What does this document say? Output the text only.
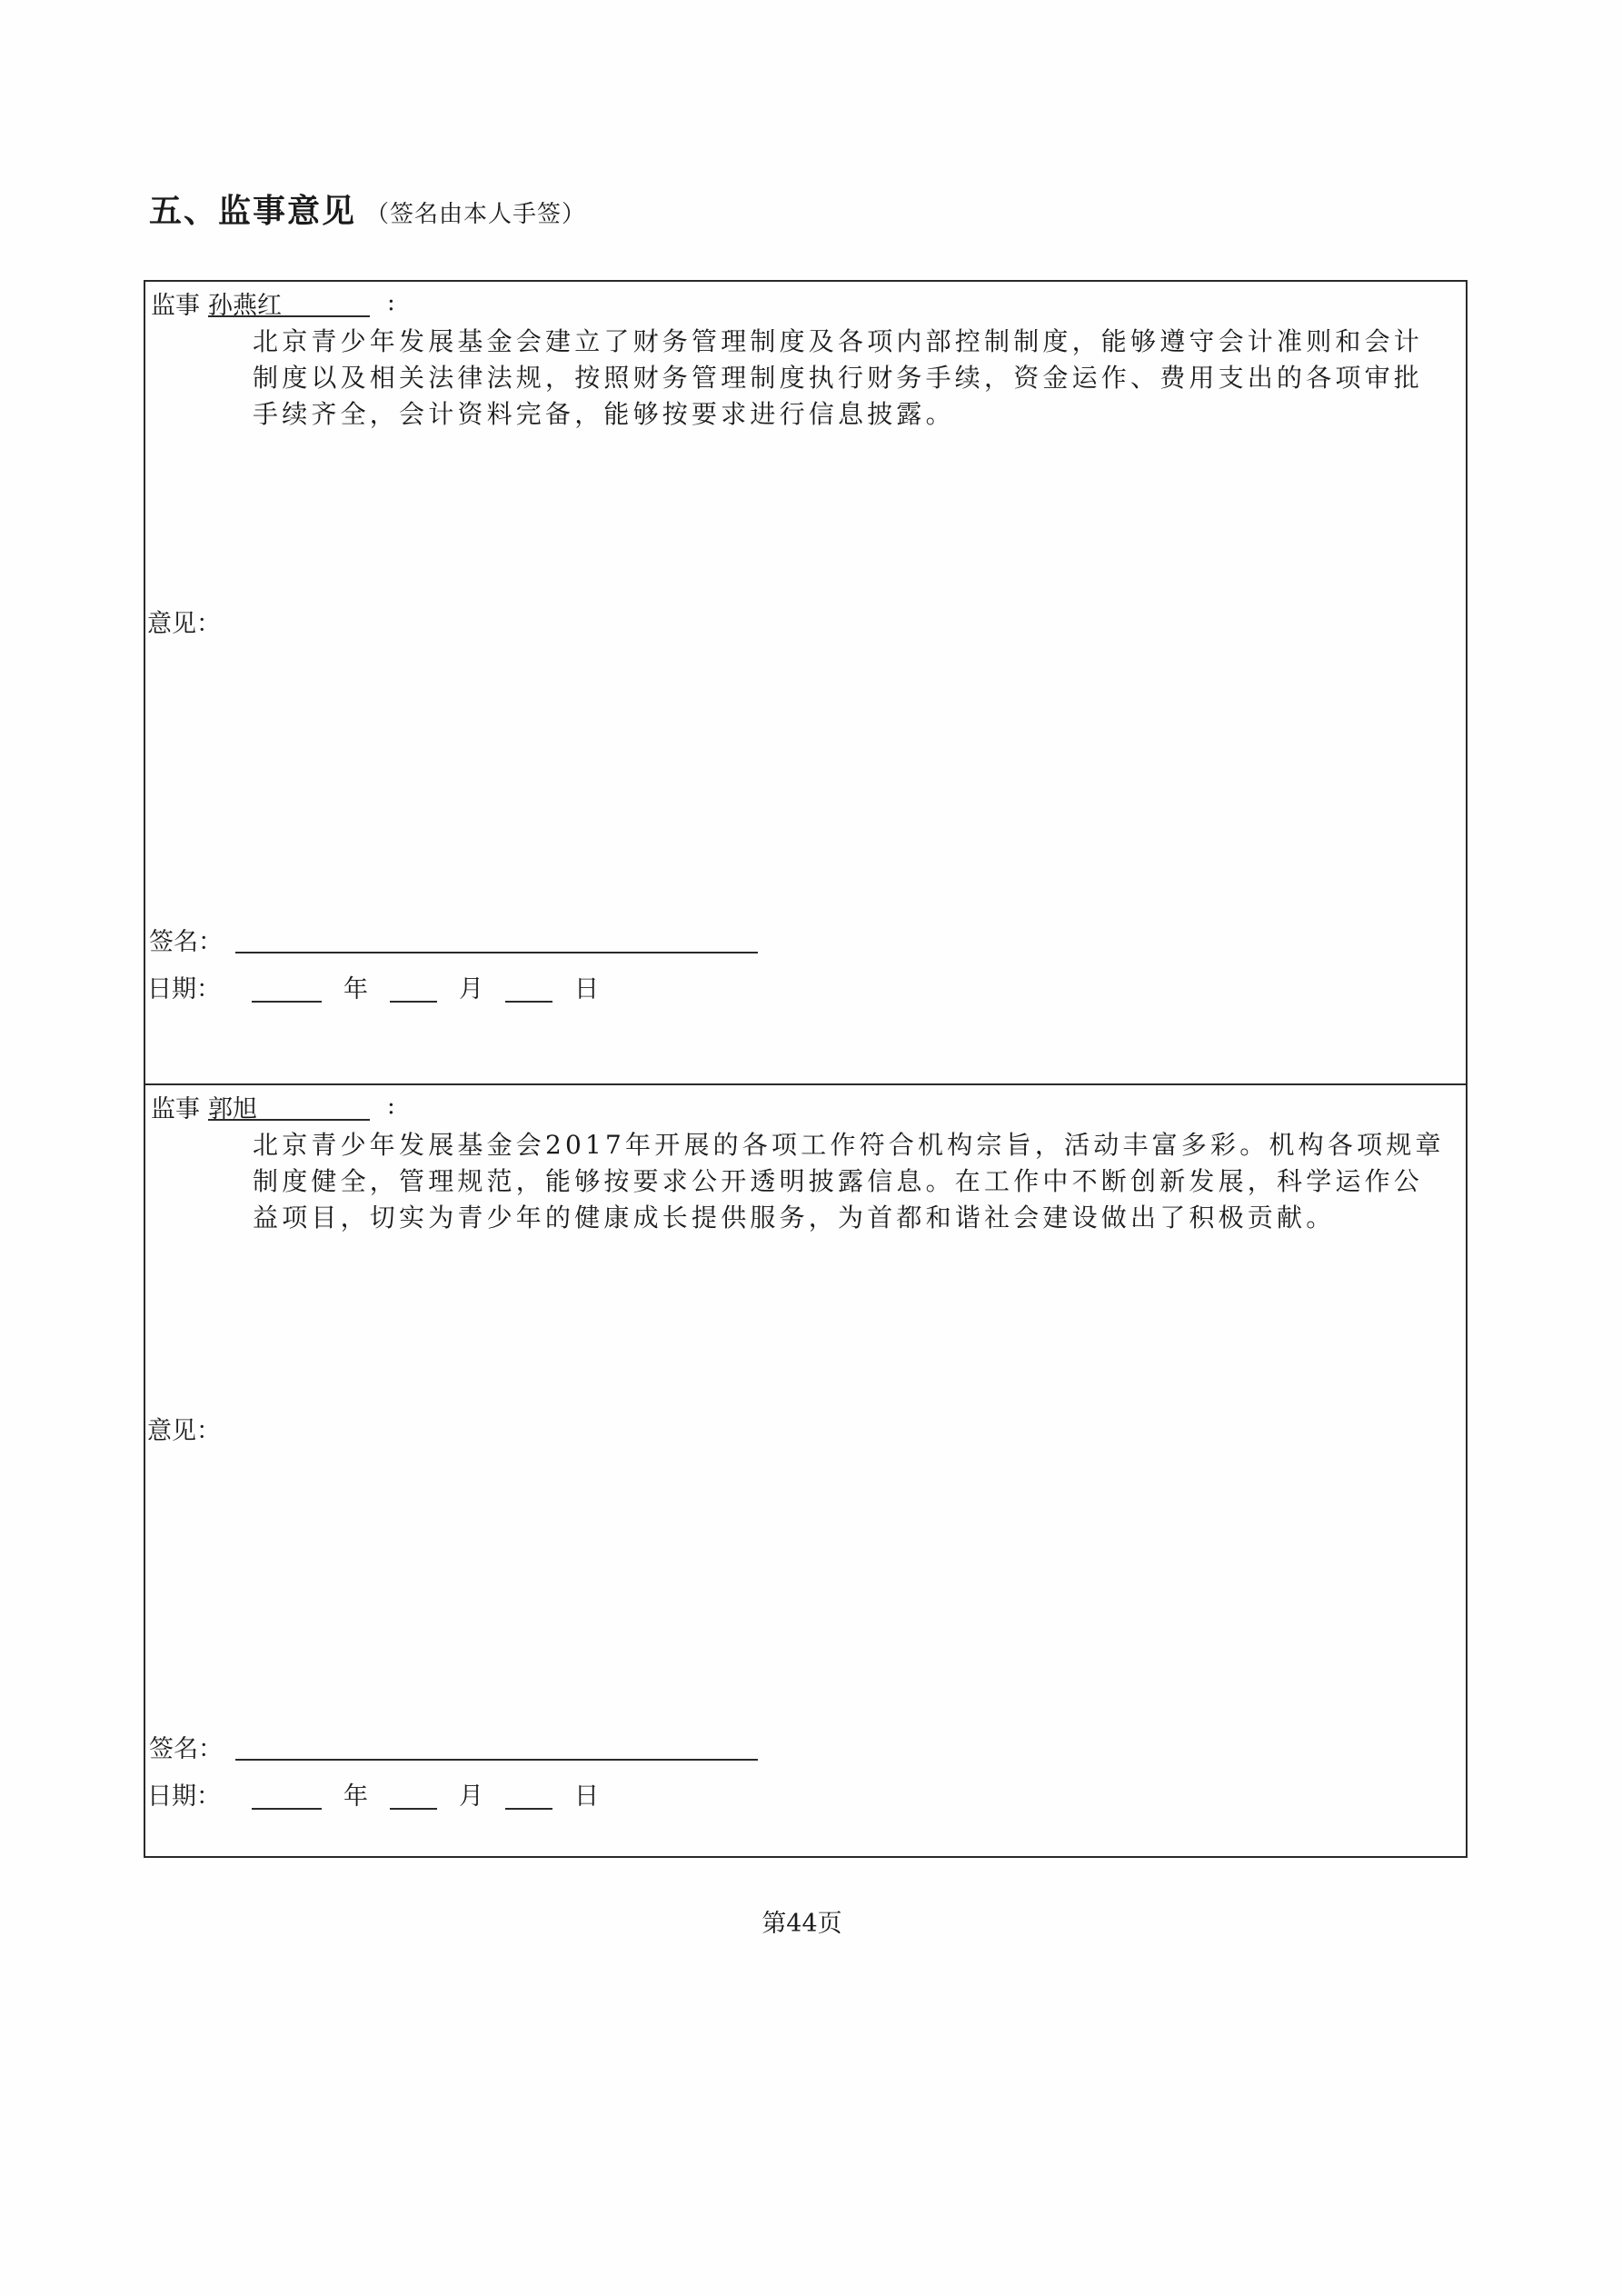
五、监事意见 （签名由本人手签）
监事 孙燕红	:
北京青少年发展基金会建立了财务管理制度及各项内部控制制度，能够遵守会计准则和会计
制度以及相关法律法规，按照财务管理制度执行财务手续，资金运作、费用支出的各项审批
手续齐全，会计资料完备，能够按要求进行信息披露。
意见：
签名：
日期：	年	月	日
监事 郭旭	:
北京青少年发展基金会2017年开展的各项工作符合机构宗旨，活动丰富多彩。机构各项规章
制度健全，管理规范，能够按要求公开透明披露信息。在工作中不断创新发展，科学运作公
益项目，切实为青少年的健康成长提供服务，为首都和谐社会建设做出了积极贡献。
意见：
签名：
日期：	年	月	日
第44页
